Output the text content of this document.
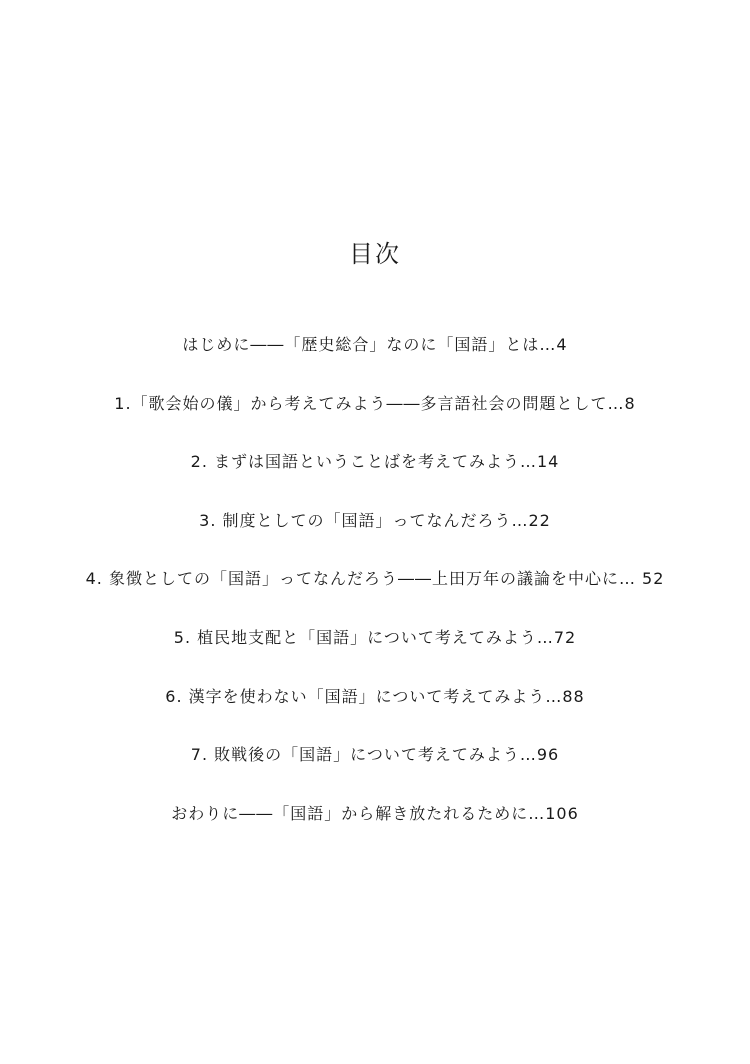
目次
はじめに――「歴史総合」なのに「国語」とは…4
1.「歌会始の儀」から考えてみよう――多言語社会の問題として…8
2. まずは国語ということばを考えてみよう…14
3. 制度としての「国語」ってなんだろう…22
4. 象徴としての「国語」ってなんだろう――上田万年の議論を中心に… 52
5. 植民地支配と「国語」について考えてみよう…72
6. 漢字を使わない「国語」について考えてみよう…88
7. 敗戦後の「国語」について考えてみよう…96
おわりに――「国語」から解き放たれるために…106
